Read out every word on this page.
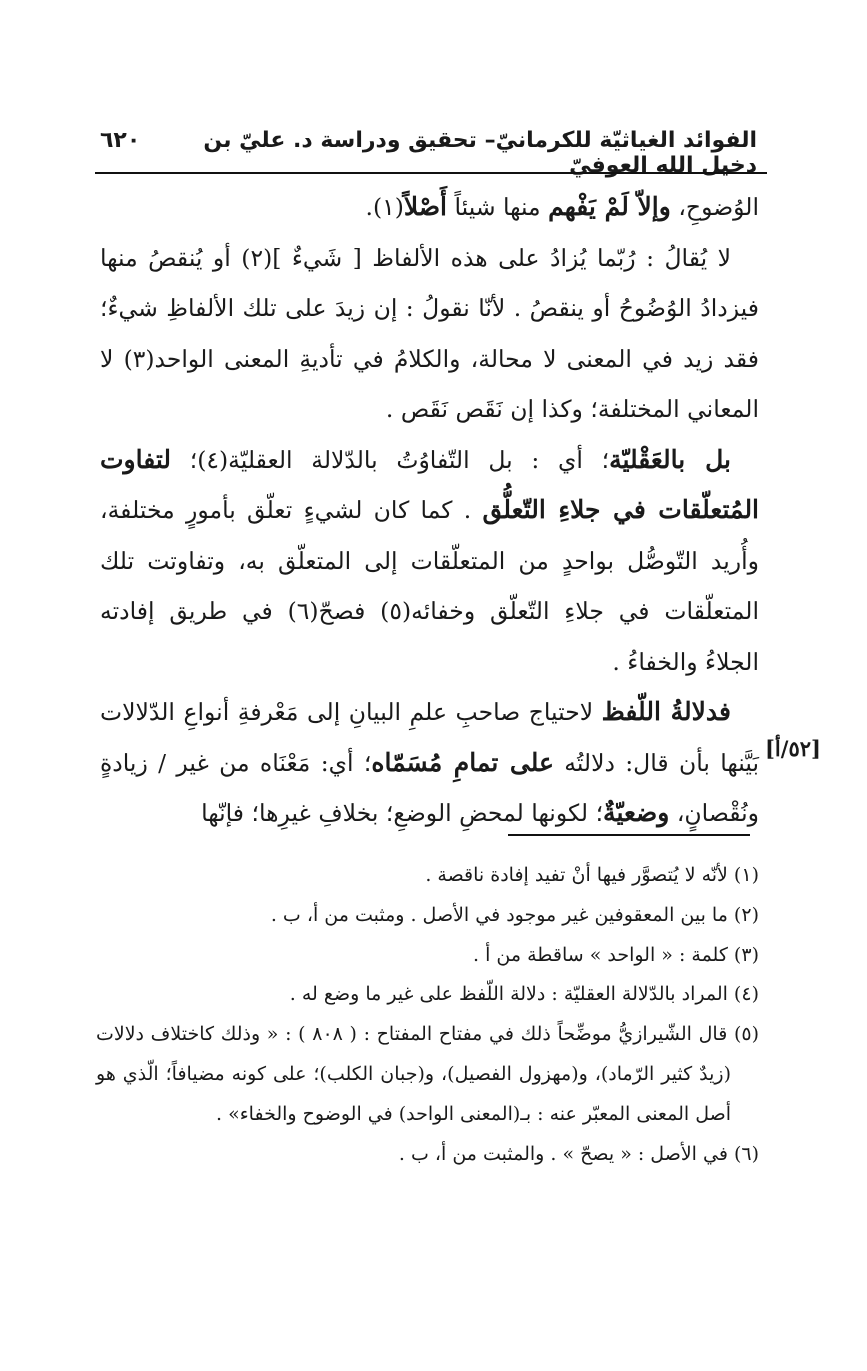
٦٢٠	الفوائد الغياثيّة للكرمانيّ– تحقيق ودراسة د. عليّ بن دخيل الله العوفيّ

الوُضوحِ، وإلاّ لَمْ يَفْهم منها شيئاً أَصْلاً(١).

لا يُقالُ : رُبّما يُزادُ على هذه الألفاظ [ شَيءٌ ](٢) أو يُنقصُ منها فيزدادُ الوُضُوحُ أو ينقصُ . لأنّا نقولُ : إن زيدَ على تلك الألفاظِ شيءٌ؛ فقد زيد في المعنى لا محالة، والكلامُ في تأديةِ المعنى الواحد(٣) لا المعاني المختلفة؛ وكذا إن نَقَص نَقَص .

بل بالعَقْليّة؛ أي : بل التّفاوُتُ بالدّلالة العقليّة(٤)؛ لتفاوت المُتعلّقات في جلاءِ التّعلُّق . كما كان لشيءٍ تعلّق بأمورٍ مختلفة، وأُريد التّوصُّل بواحدٍ من المتعلّقات إلى المتعلّق به، وتفاوتت تلك المتعلّقات في جلاءِ التّعلّق وخفائه(٥) فصحّ(٦) في طريق إفادته الجلاءُ والخفاءُ .

فدلالةُ اللّفظ لاحتياج صاحبِ علمِ البيانِ إلى مَعْرفةِ أنواعِ الدّلالات بَيَّنها بأن قال: دلالتُه على تمامِ مُسَمّاه؛ أي: مَعْنَاه من غير / زيادةٍ ونُقْصانٍ، وضعيّةٌ؛ لكونها لمحضِ الوضعِ؛ بخلافِ غيرِها؛ فإنّها

[٥٢/أ]

(١) لأنّه لا يُتصوَّر فيها أنْ تفيد إفادة ناقصة .

(٢) ما بين المعقوفين غير موجود في الأصل . ومثبت من أ، ب .

(٣) كلمة : « الواحد » ساقطة من أ .

(٤) المراد بالدّلالة العقليّة : دلالة اللّفظ على غير ما وضع له .

(٥) قال الشّيرازيُّ موضِّحاً ذلك في مفتاح المفتاح : ( ٨٠٨ ) : « وذلك كاختلاف دلالات (زيدٌ كثير الرّماد)، و(مهزول الفصيل)، و(جبان الكلب)؛ على كونه مضيافاً؛ الّذي هو أصل المعنى المعبّر عنه : بـ(المعنى الواحد) في الوضوح والخفاء» .

(٦) في الأصل : « يصحّ » . والمثبت من أ، ب .
